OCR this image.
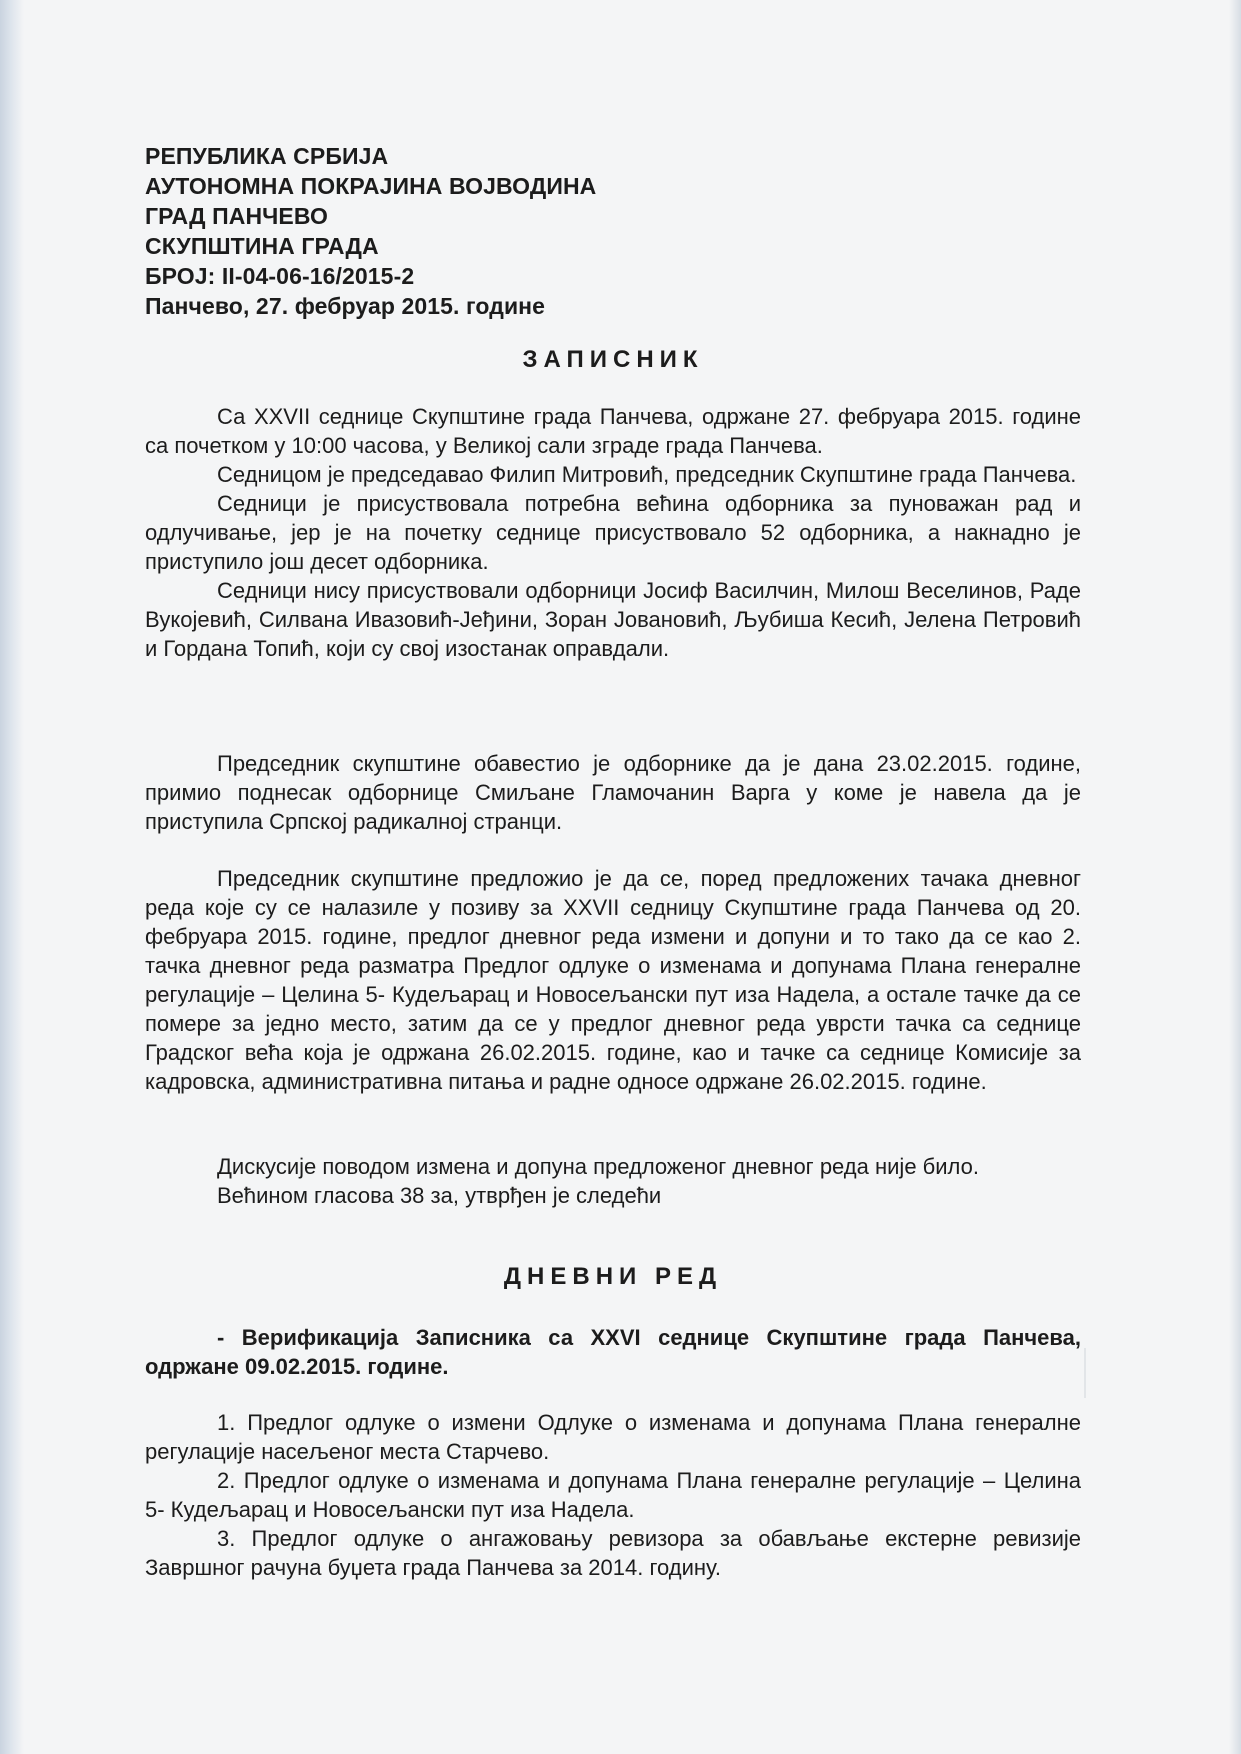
РЕПУБЛИКА СРБИЈА
АУТОНОМНА ПОКРАЈИНА ВОЈВОДИНА
ГРАД ПАНЧЕВО
СКУПШТИНА ГРАДА
БРОЈ: II-04-06-16/2015-2
Панчево, 27. фебруар 2015. године
ЗАПИСНИК

Са XXVII седнице Скупштине града Панчева, одржане 27. фебруара 2015. године са почетком у 10:00 часова, у Великој сали зграде града Панчева.

Седницом је председавао Филип Митровић, председник Скупштине града Панчева.

Седници је присуствовала потребна већина одборника за пуноважан рад и одлучивање, јер је на почетку седнице присуствовало 52 одборника, а накнадно је приступило још десет одборника.

Седници нису присуствовали одборници Јосиф Василчин, Милош Веселинов, Раде Вукојевић, Силвана Ивазовић-Јеђини, Зоран Јовановић, Љубиша Кесић, Јелена Петровић и Гордана Топић, који су свој изостанак оправдали.

Председник скупштине обавестио је одборнике да је дана 23.02.2015. године, примио поднесак одборнице Смиљане Гламочанин Варга у коме је навела да је приступила Српској радикалној странци.

Председник скупштине предложио је да се, поред предложених тачака дневног реда које су се налазиле у позиву за XXVII седницу Скупштине града Панчева од 20. фебруара 2015. године, предлог дневног реда измени и допуни и то тако да се као 2. тачка дневног реда разматра Предлог одлуке о изменама и допунама Плана генералне регулације – Целина 5- Кудељарац и Новосељански пут иза Надела, а остале тачке да се помере за једно место, затим да се у предлог дневног реда уврсти тачка са седнице Градског већа која је одржана 26.02.2015. године, као и тачке са седнице Комисије за кадровска, административна питања и радне односе одржане 26.02.2015. године.

Дискусије поводом измена и допуна предложеног дневног реда није било.

Већином гласова 38 за, утврђен је следећи

ДНЕВНИ РЕД

- Верификација Записника са XXVI седнице Скупштине града Панчева, одржане 09.02.2015. године.

1. Предлог одлуке о измени Одлуке о изменама и допунама Плана генералне регулације насељеног места Старчево.

2. Предлог одлуке о изменама и допунама Плана генералне регулације – Целина 5- Кудељарац и Новосељански пут иза Надела.

3. Предлог одлуке о ангажовању ревизора за обављање екстерне ревизије Завршног рачуна буџета града Панчева за 2014. годину.
